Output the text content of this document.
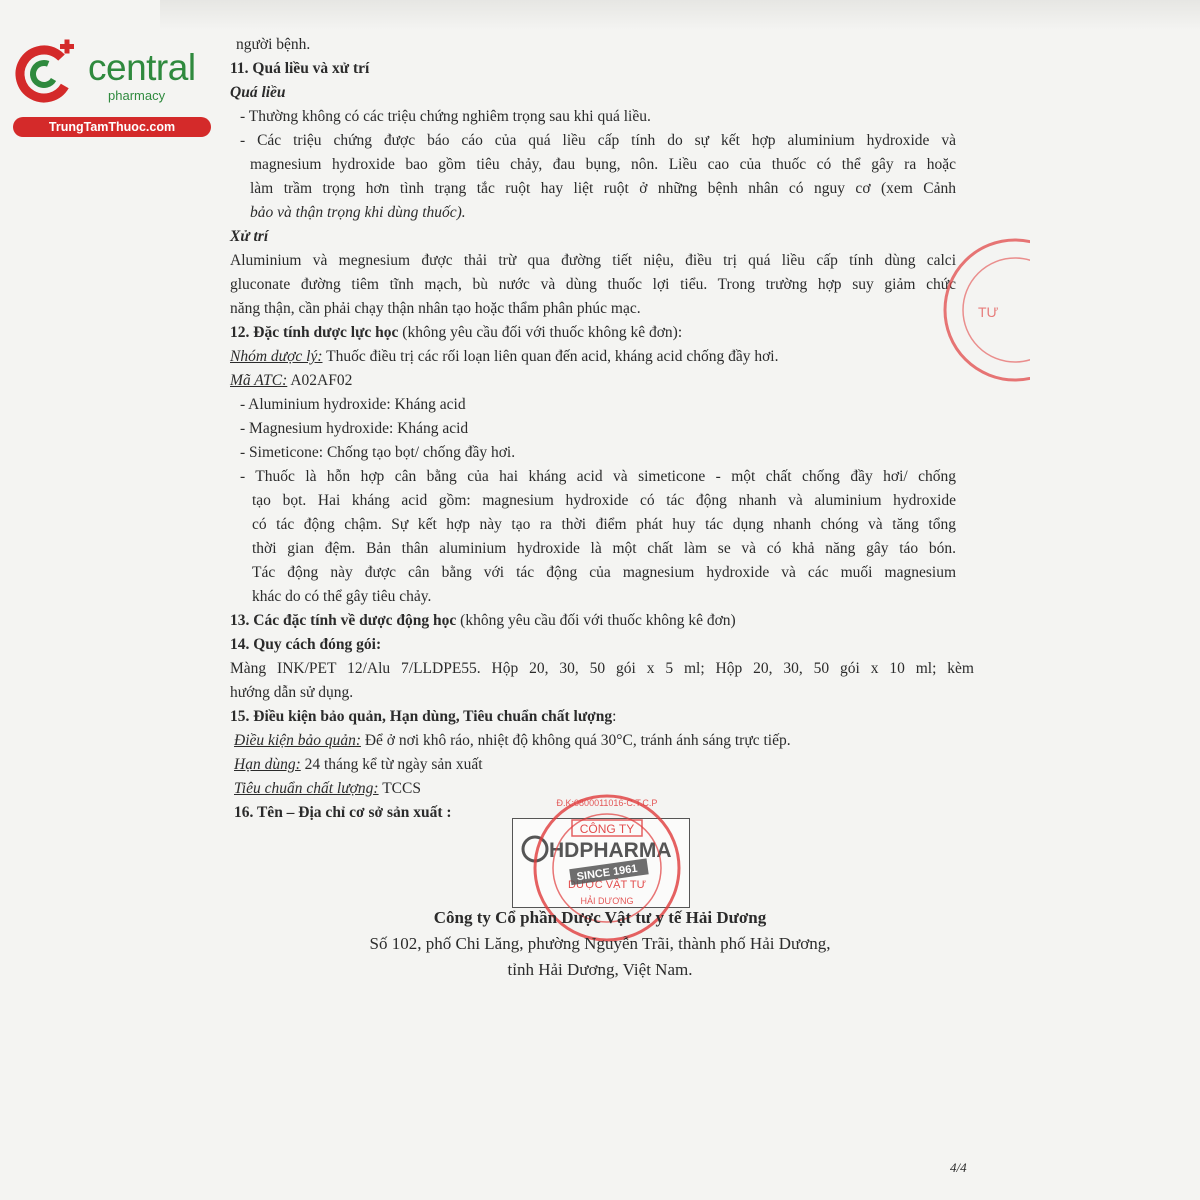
central
pharmacy
TrungTamThuoc.com
người bệnh.
11. Quá liều và xử trí
Quá liều
- Thường không có các triệu chứng nghiêm trọng sau khi quá liều.
- Các triệu chứng được báo cáo của quá liều cấp tính do sự kết hợp aluminium hydroxide và
magnesium hydroxide bao gồm tiêu chảy, đau bụng, nôn. Liều cao của thuốc có thể gây ra hoặc
làm trầm trọng hơn tình trạng tắc ruột hay liệt ruột ở những bệnh nhân có nguy cơ (xem Cảnh
bảo và thận trọng khi dùng thuốc).
Xử trí
Aluminium và megnesium được thải trừ qua đường tiết niệu, điều trị quá liều cấp tính dùng calci
gluconate đường tiêm tĩnh mạch, bù nước và dùng thuốc lợi tiểu. Trong trường hợp suy giảm chức
năng thận, cần phải chạy thận nhân tạo hoặc thẩm phân phúc mạc.
12. Đặc tính dược lực học (không yêu cầu đối với thuốc không kê đơn):
Nhóm dược lý: Thuốc điều trị các rối loạn liên quan đến acid, kháng acid chống đầy hơi.
Mã ATC: A02AF02
- Aluminium hydroxide: Kháng acid
- Magnesium hydroxide: Kháng acid
- Simeticone: Chống tạo bọt/ chống đầy hơi.
- Thuốc là hỗn hợp cân bằng của hai kháng acid và simeticone - một chất chống đầy hơi/ chống
tạo bọt. Hai kháng acid gồm: magnesium hydroxide có tác động nhanh và aluminium hydroxide
có tác động chậm. Sự kết hợp này tạo ra thời điểm phát huy tác dụng nhanh chóng và tăng tổng
thời gian đệm. Bản thân aluminium hydroxide là một chất làm se và có khả năng gây táo bón.
Tác động này được cân bằng với tác động của magnesium hydroxide và các muối magnesium
khác do có thể gây tiêu chảy.
13. Các đặc tính về dược động học (không yêu cầu đối với thuốc không kê đơn)
14. Quy cách đóng gói:
Màng INK/PET 12/Alu 7/LLDPE55. Hộp 20, 30, 50 gói x 5 ml; Hộp 20, 30, 50 gói x 10 ml; kèm
hướng dẫn sử dụng.
15. Điều kiện bảo quản, Hạn dùng, Tiêu chuẩn chất lượng:
Điều kiện bảo quản: Để ở nơi khô ráo, nhiệt độ không quá 30°C, tránh ánh sáng trực tiếp.
Hạn dùng: 24 tháng kể từ ngày sản xuất
Tiêu chuẩn chất lượng: TCCS
16. Tên – Địa chỉ cơ sở sản xuất :
TƯ
HDPHARMA
CÔNG TY
DƯỢC VẬT TƯ
SINCE 1961
Đ.K:0800011016-C.T.C.P
HẢI DƯƠNG
Công ty Cổ phần Dược Vật tư y tế Hải Dương
Số 102, phố Chi Lăng, phường Nguyễn Trãi, thành phố Hải Dương,
tỉnh Hải Dương, Việt Nam.
4/4
